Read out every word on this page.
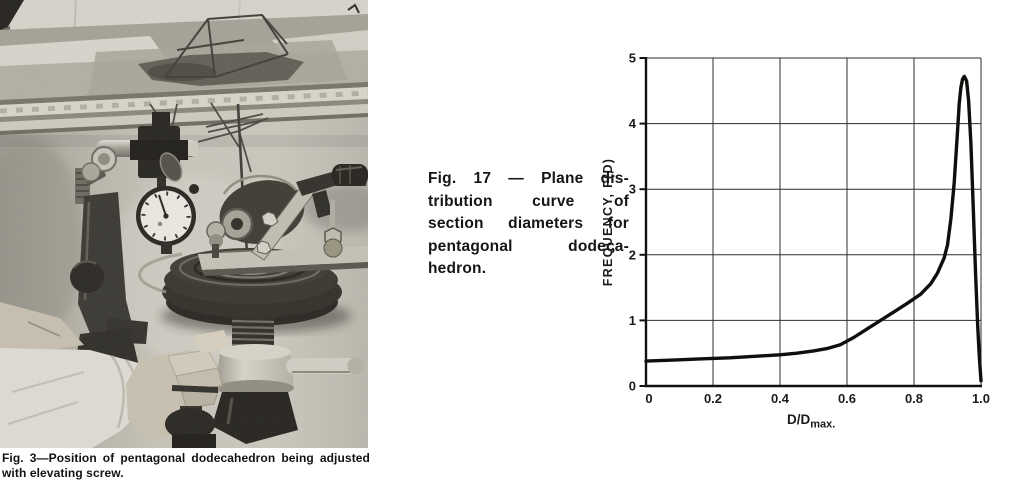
Fig. 3—Position of pentagonal dodecahedron being adjusted
with elevating screw.
Fig. 17 — Plane dis-
tribution curve of
section diameters for
pentagonal dodeca-
hedron.
0
1
2
3
4
5
0	0.2	0.4	0.6	0.8	1.0
FREQUENCY, F(D)
$D/D_{max.}$
